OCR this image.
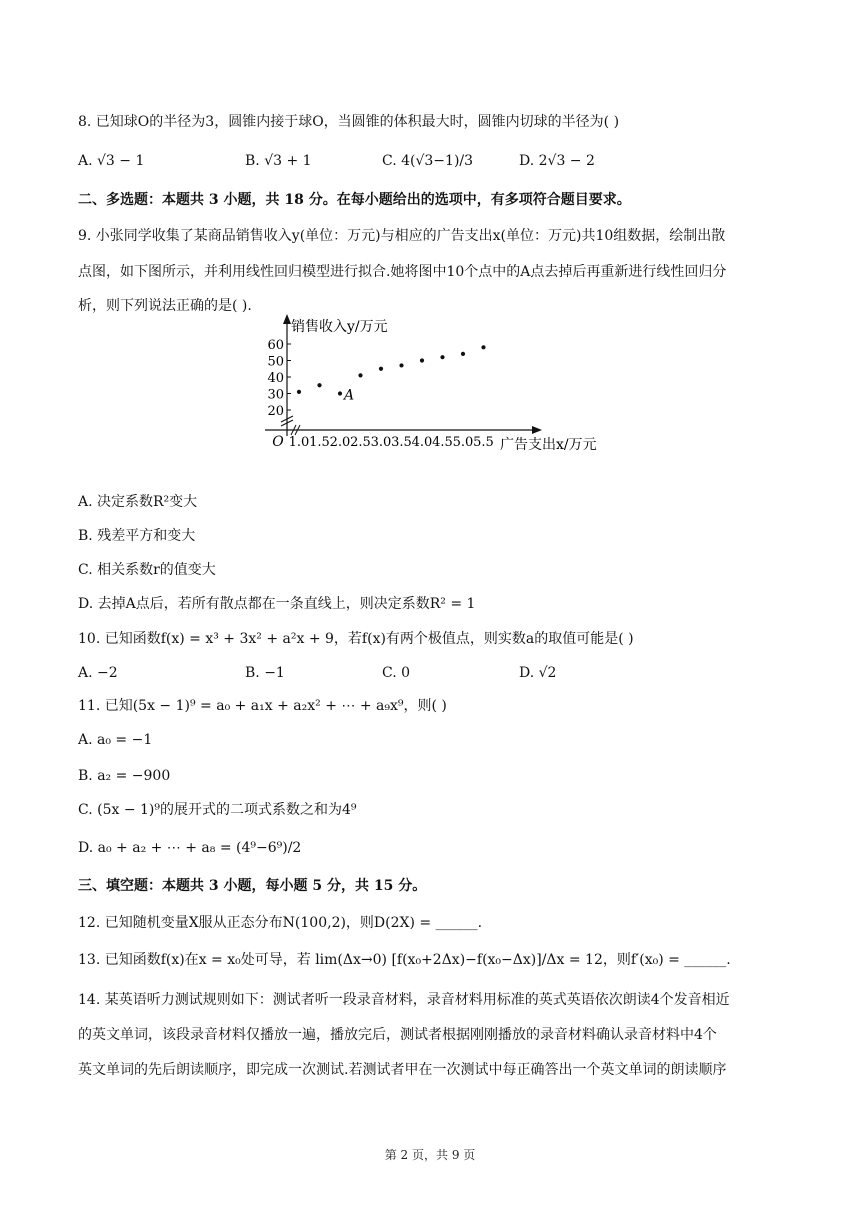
8. 已知球O的半径为3，圆锥内接于球O，当圆锥的体积最大时，圆锥内切球的半径为( )
A. √3 − 1	B. √3 + 1	C. 4(√3−1)/3	D. 2√3 − 2
二、多选题：本题共 3 小题，共 18 分。在每小题给出的选项中，有多项符合题目要求。
9. 小张同学收集了某商品销售收入y(单位：万元)与相应的广告支出x(单位：万元)共10组数据，绘制出散
点图，如下图所示，并利用线性回归模型进行拟合.她将图中10个点中的A点去掉后再重新进行线性回归分
析，则下列说法正确的是( ).
20
30
40
50
60
1.0 1.5 2.0 2.5 3.0 3.5 4.0 4.5 5.0 5.5
O
销售收入y/万元
广告支出x/万元
A
A. 决定系数R²变大
B. 残差平方和变大
C. 相关系数r的值变大
D. 去掉A点后，若所有散点都在一条直线上，则决定系数R² = 1
10. 已知函数f(x) = x³ + 3x² + a²x + 9，若f(x)有两个极值点，则实数a的取值可能是( )
A. −2	B. −1	C. 0	D. √2
11. 已知(5x − 1)⁹ = a₀ + a₁x + a₂x² + ⋯ + a₉x⁹，则( )
A. a₀ = −1
B. a₂ = −900
C. (5x − 1)⁹的展开式的二项式系数之和为4⁹
D. a₀ + a₂ + ⋯ + a₈ = (4⁹−6⁹)/2
三、填空题：本题共 3 小题，每小题 5 分，共 15 分。
12. 已知随机变量X服从正态分布N(100,2)，则D(2X) = ______.
13. 已知函数f(x)在x = x₀处可导，若 lim(Δx→0) [f(x₀+2Δx)−f(x₀−Δx)]/Δx = 12，则f′(x₀) = ______.
14. 某英语听力测试规则如下：测试者听一段录音材料，录音材料用标准的英式英语依次朗读4个发音相近
的英文单词，该段录音材料仅播放一遍，播放完后，测试者根据刚刚播放的录音材料确认录音材料中4个
英文单词的先后朗读顺序，即完成一次测试.若测试者甲在一次测试中每正确答出一个英文单词的朗读顺序
第 2 页，共 9 页
